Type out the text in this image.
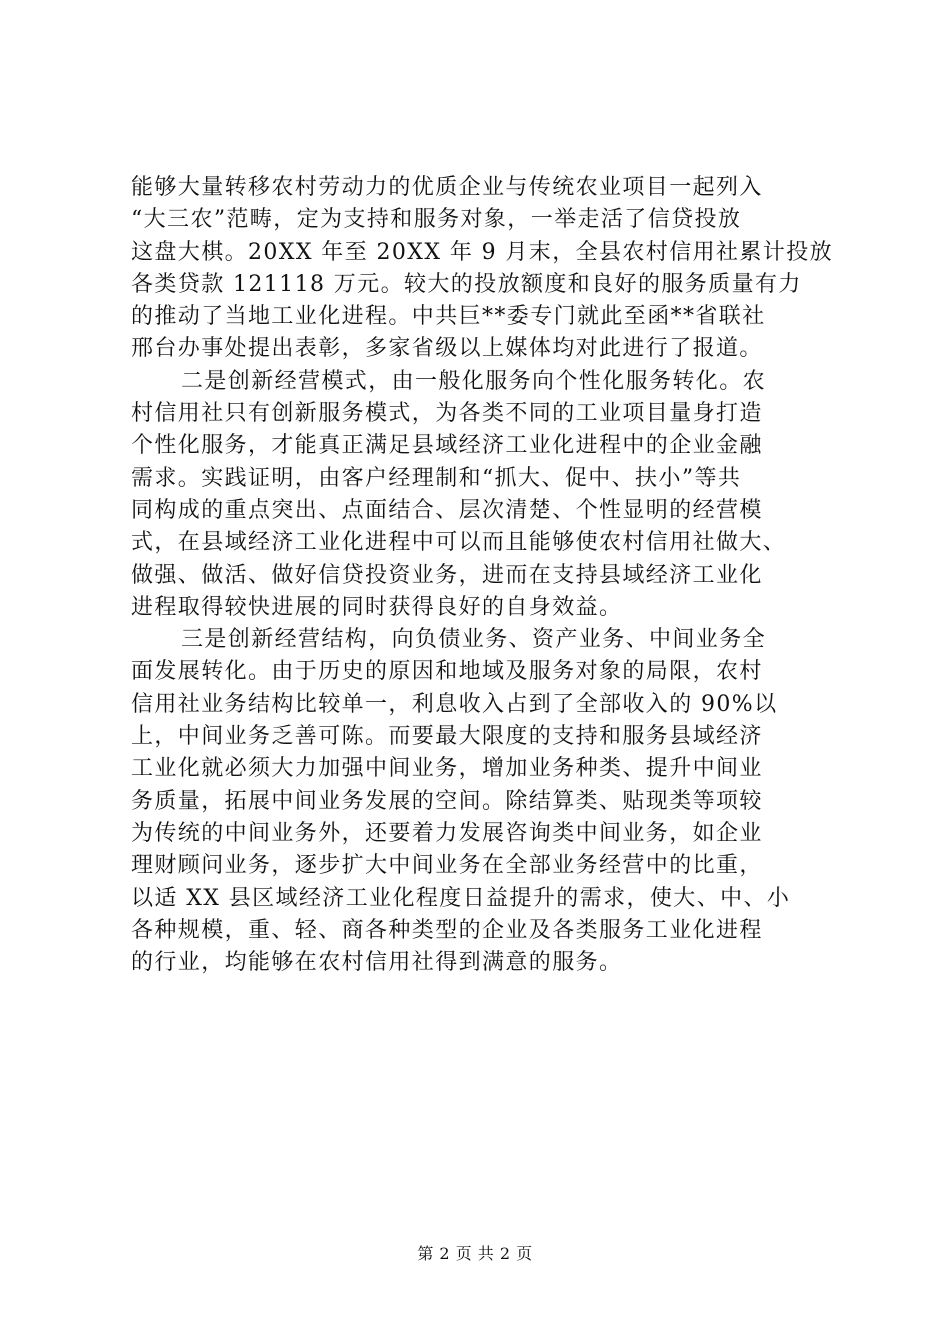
能够大量转移农村劳动力的优质企业与传统农业项目一起列入
“大三农”范畴，定为支持和服务对象，一举走活了信贷投放
这盘大棋。20XX 年至 20XX 年 9 月末，全县农村信用社累计投放
各类贷款 121118 万元。较大的投放额度和良好的服务质量有力
的推动了当地工业化进程。中共巨**委专门就此至函**省联社
邢台办事处提出表彰，多家省级以上媒体均对此进行了报道。
二是创新经营模式，由一般化服务向个性化服务转化。农
村信用社只有创新服务模式，为各类不同的工业项目量身打造
个性化服务，才能真正满足县域经济工业化进程中的企业金融
需求。实践证明，由客户经理制和“抓大、促中、扶小”等共
同构成的重点突出、点面结合、层次清楚、个性显明的经营模
式，在县域经济工业化进程中可以而且能够使农村信用社做大、
做强、做活、做好信贷投资业务，进而在支持县域经济工业化
进程取得较快进展的同时获得良好的自身效益。
三是创新经营结构，向负债业务、资产业务、中间业务全
面发展转化。由于历史的原因和地域及服务对象的局限，农村
信用社业务结构比较单一，利息收入占到了全部收入的 90%以
上，中间业务乏善可陈。而要最大限度的支持和服务县域经济
工业化就必须大力加强中间业务，增加业务种类、提升中间业
务质量，拓展中间业务发展的空间。除结算类、贴现类等项较
为传统的中间业务外，还要着力发展咨询类中间业务，如企业
理财顾问业务，逐步扩大中间业务在全部业务经营中的比重，
以适 XX 县区域经济工业化程度日益提升的需求，使大、中、小
各种规模，重、轻、商各种类型的企业及各类服务工业化进程
的行业，均能够在农村信用社得到满意的服务。
第 2 页 共 2 页
